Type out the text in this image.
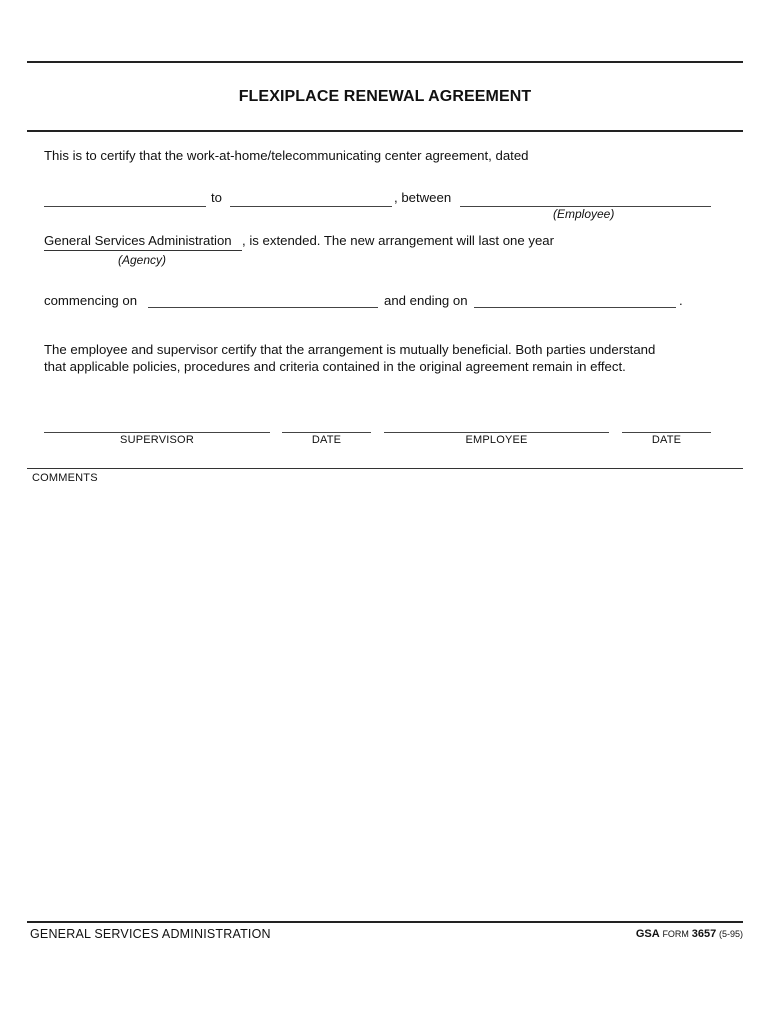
FLEXIPLACE RENEWAL AGREEMENT
This is to certify that the work-at-home/telecommunicating center agreement, dated
to	, between
(Employee)
General Services Administration , is extended. The new arrangement will last one year
(Agency)
commencing on	and ending on	.
The employee and supervisor certify that the arrangement is mutually beneficial. Both parties understand
that applicable policies, procedures and criteria contained in the original agreement remain in effect.
SUPERVISOR	DATE	EMPLOYEE	DATE
COMMENTS
GENERAL SERVICES ADMINISTRATION	GSA FORM 3657 (5-95)
